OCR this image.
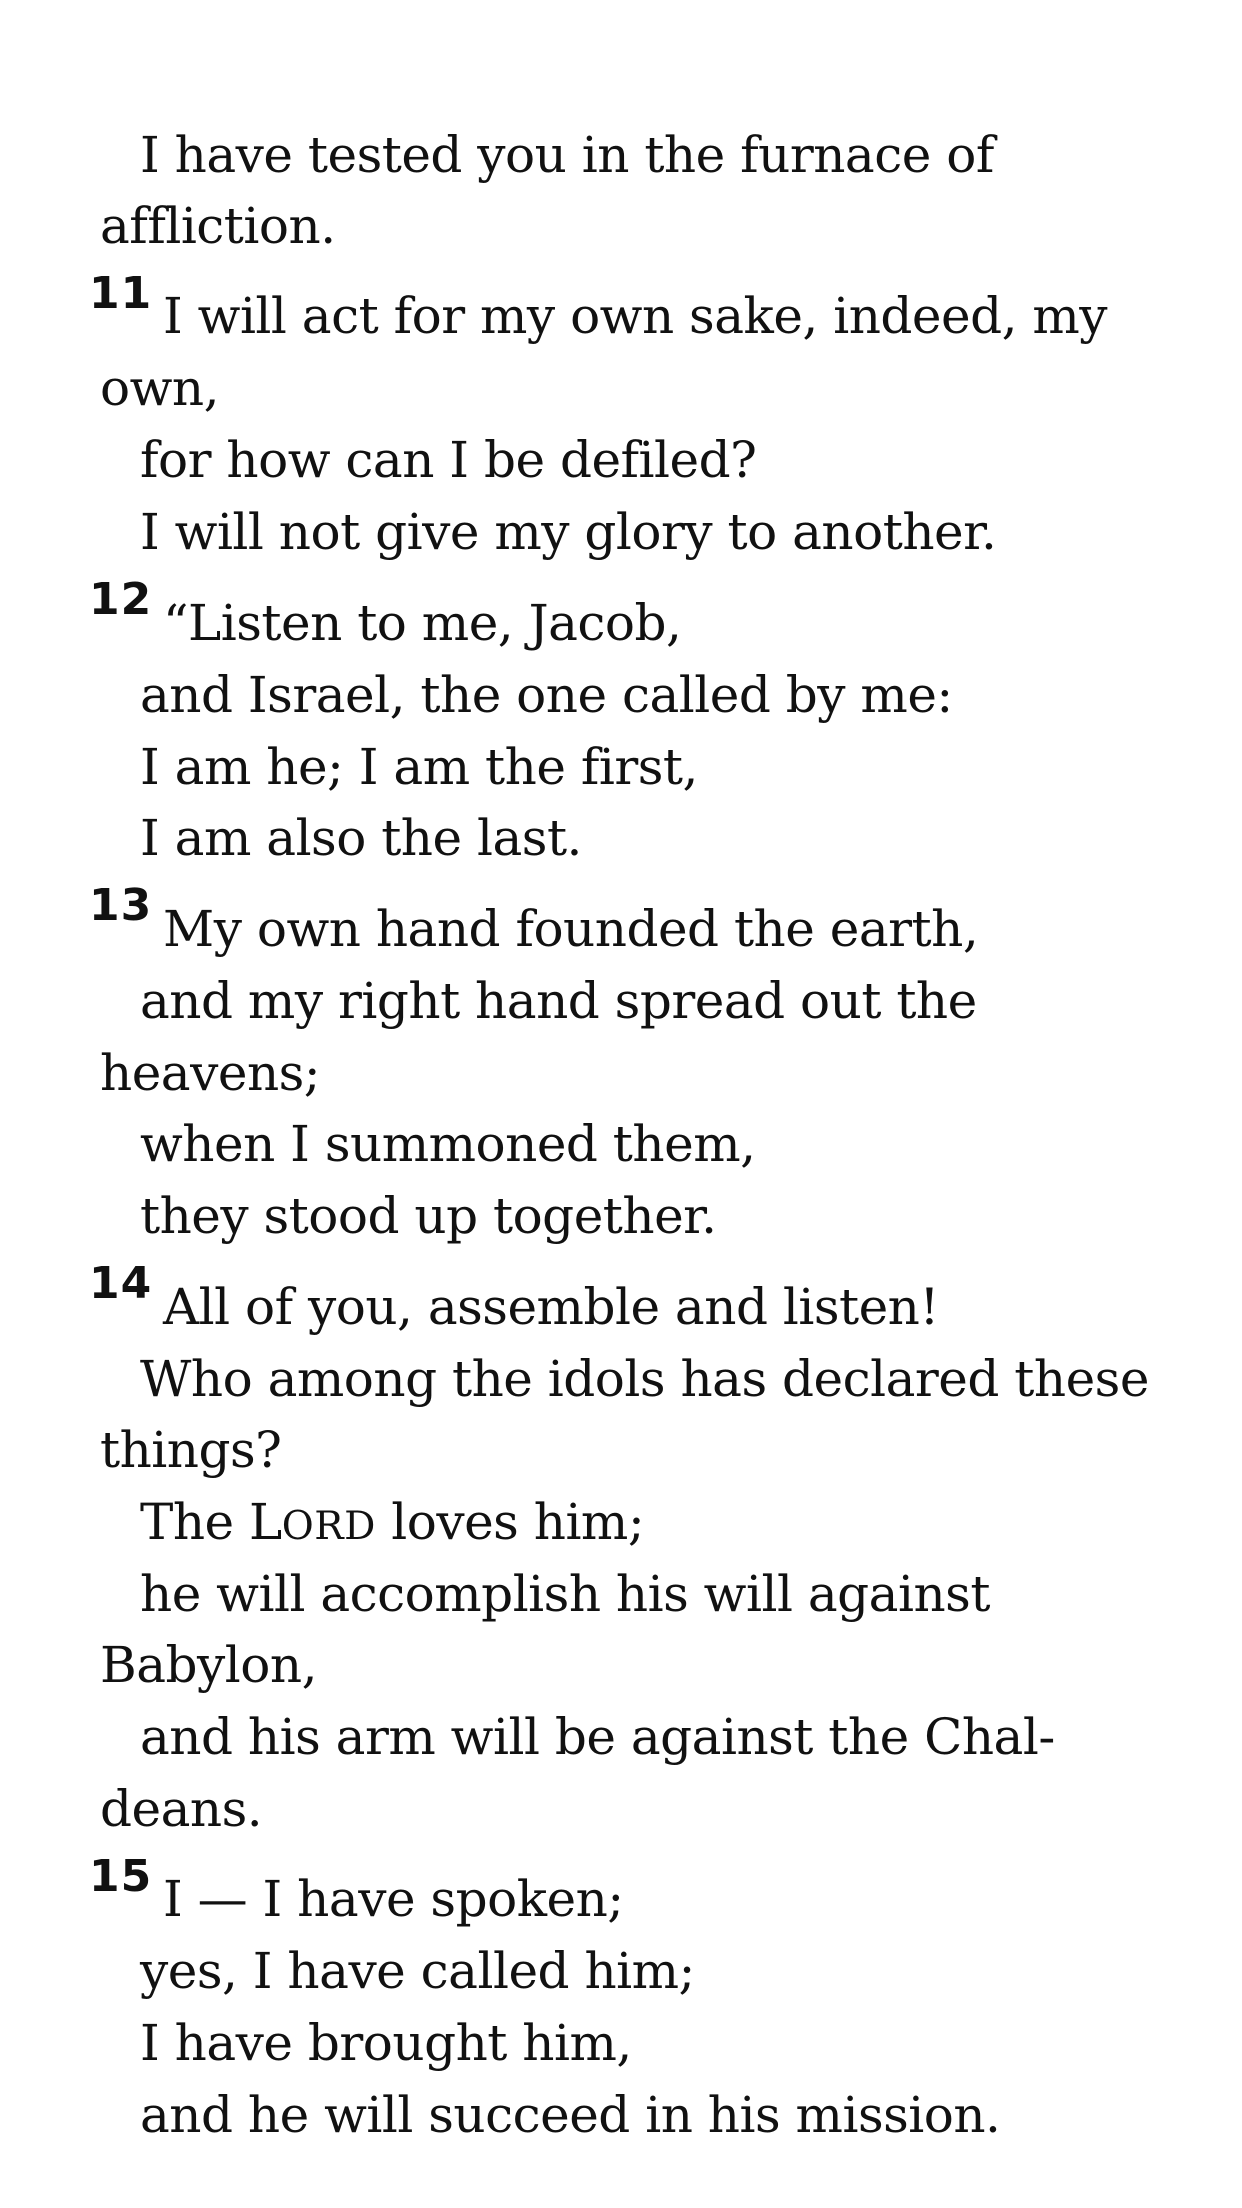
I have tested you in the furnace of
affliction.
11 I will act for my own sake, indeed, my
own,
for how can I be defiled?
I will not give my glory to another.
12 “Listen to me, Jacob,
and Israel, the one called by me:
I am he; I am the first,
I am also the last.
13 My own hand founded the earth,
and my right hand spread out the
heavens;
when I summoned them,
they stood up together.
14 All of you, assemble and listen!
Who among the idols has declared these
things?
The LORD loves him;
he will accomplish his will against
Babylon,
and his arm will be against the Chal-
deans.
15 I — I have spoken;
yes, I have called him;
I have brought him,
and he will succeed in his mission.
